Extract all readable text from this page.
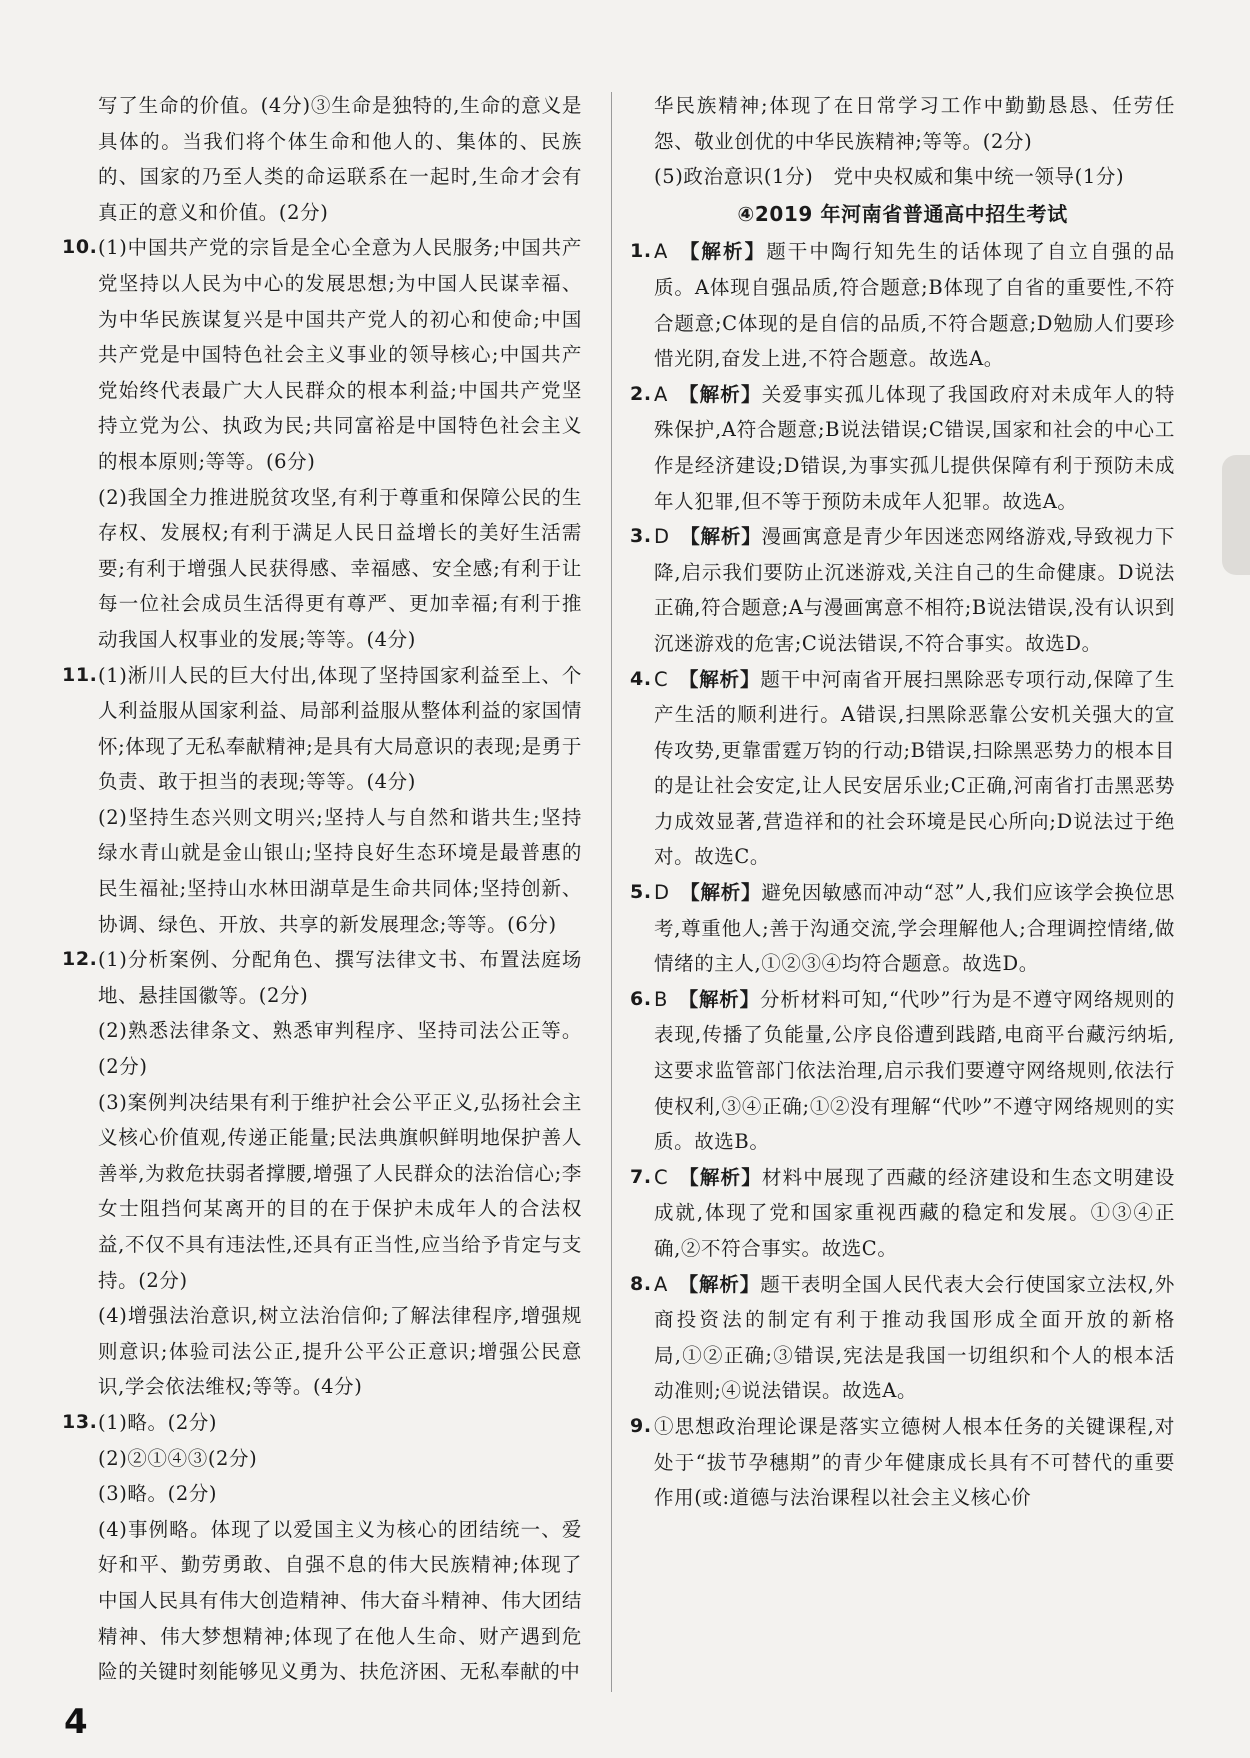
写了生命的价值。(4分)③生命是独特的,生命的意义是具体的。当我们将个体生命和他人的、集体的、民族的、国家的乃至人类的命运联系在一起时,生命才会有真正的意义和价值。(2分)

10. (1)中国共产党的宗旨是全心全意为人民服务;中国共产党坚持以人民为中心的发展思想;为中国人民谋幸福、为中华民族谋复兴是中国共产党人的初心和使命;中国共产党是中国特色社会主义事业的领导核心;中国共产党始终代表最广大人民群众的根本利益;中国共产党坚持立党为公、执政为民;共同富裕是中国特色社会主义的根本原则;等等。(6分)

(2)我国全力推进脱贫攻坚,有利于尊重和保障公民的生存权、发展权;有利于满足人民日益增长的美好生活需要;有利于增强人民获得感、幸福感、安全感;有利于让每一位社会成员生活得更有尊严、更加幸福;有利于推动我国人权事业的发展;等等。(4分)

11. (1)淅川人民的巨大付出,体现了坚持国家利益至上、个人利益服从国家利益、局部利益服从整体利益的家国情怀;体现了无私奉献精神;是具有大局意识的表现;是勇于负责、敢于担当的表现;等等。(4分)

(2)坚持生态兴则文明兴;坚持人与自然和谐共生;坚持绿水青山就是金山银山;坚持良好生态环境是最普惠的民生福祉;坚持山水林田湖草是生命共同体;坚持创新、协调、绿色、开放、共享的新发展理念;等等。(6分)

12. (1)分析案例、分配角色、撰写法律文书、布置法庭场地、悬挂国徽等。(2分)

(2)熟悉法律条文、熟悉审判程序、坚持司法公正等。(2分)

(3)案例判决结果有利于维护社会公平正义,弘扬社会主义核心价值观,传递正能量;民法典旗帜鲜明地保护善人善举,为救危扶弱者撑腰,增强了人民群众的法治信心;李女士阻挡何某离开的目的在于保护未成年人的合法权益,不仅不具有违法性,还具有正当性,应当给予肯定与支持。(2分)

(4)增强法治意识,树立法治信仰;了解法律程序,增强规则意识;体验司法公正,提升公平公正意识;增强公民意识,学会依法维权;等等。(4分)

13. (1)略。(2分)

(2)②①④③(2分)

(3)略。(2分)

(4)事例略。体现了以爱国主义为核心的团结统一、爱好和平、勤劳勇敢、自强不息的伟大民族精神;体现了中国人民具有伟大创造精神、伟大奋斗精神、伟大团结精神、伟大梦想精神;体现了在他人生命、财产遇到危险的关键时刻能够见义勇为、扶危济困、无私奉献的中

华民族精神;体现了在日常学习工作中勤勤恳恳、任劳任怨、敬业创优的中华民族精神;等等。(2分)

(5)政治意识(1分)　党中央权威和集中统一领导(1分)

④2019 年河南省普通高中招生考试

1. A  【解析】题干中陶行知先生的话体现了自立自强的品质。A体现自强品质,符合题意;B体现了自省的重要性,不符合题意;C体现的是自信的品质,不符合题意;D勉励人们要珍惜光阴,奋发上进,不符合题意。故选A。

2. A  【解析】关爱事实孤儿体现了我国政府对未成年人的特殊保护,A符合题意;B说法错误;C错误,国家和社会的中心工作是经济建设;D错误,为事实孤儿提供保障有利于预防未成年人犯罪,但不等于预防未成年人犯罪。故选A。

3. D  【解析】漫画寓意是青少年因迷恋网络游戏,导致视力下降,启示我们要防止沉迷游戏,关注自己的生命健康。D说法正确,符合题意;A与漫画寓意不相符;B说法错误,没有认识到沉迷游戏的危害;C说法错误,不符合事实。故选D。

4. C  【解析】题干中河南省开展扫黑除恶专项行动,保障了生产生活的顺利进行。A错误,扫黑除恶靠公安机关强大的宣传攻势,更靠雷霆万钧的行动;B错误,扫除黑恶势力的根本目的是让社会安定,让人民安居乐业;C正确,河南省打击黑恶势力成效显著,营造祥和的社会环境是民心所向;D说法过于绝对。故选C。

5. D  【解析】避免因敏感而冲动“怼”人,我们应该学会换位思考,尊重他人;善于沟通交流,学会理解他人;合理调控情绪,做情绪的主人,①②③④均符合题意。故选D。

6. B  【解析】分析材料可知,“代吵”行为是不遵守网络规则的表现,传播了负能量,公序良俗遭到践踏,电商平台藏污纳垢,这要求监管部门依法治理,启示我们要遵守网络规则,依法行使权利,③④正确;①②没有理解“代吵”不遵守网络规则的实质。故选B。

7. C  【解析】材料中展现了西藏的经济建设和生态文明建设成就,体现了党和国家重视西藏的稳定和发展。①③④正确,②不符合事实。故选C。

8. A  【解析】题干表明全国人民代表大会行使国家立法权,外商投资法的制定有利于推动我国形成全面开放的新格局,①②正确;③错误,宪法是我国一切组织和个人的根本活动准则;④说法错误。故选A。

9. ①思想政治理论课是落实立德树人根本任务的关键课程,对处于“拔节孕穗期”的青少年健康成长具有不可替代的重要作用(或:道德与法治课程以社会主义核心价

4
